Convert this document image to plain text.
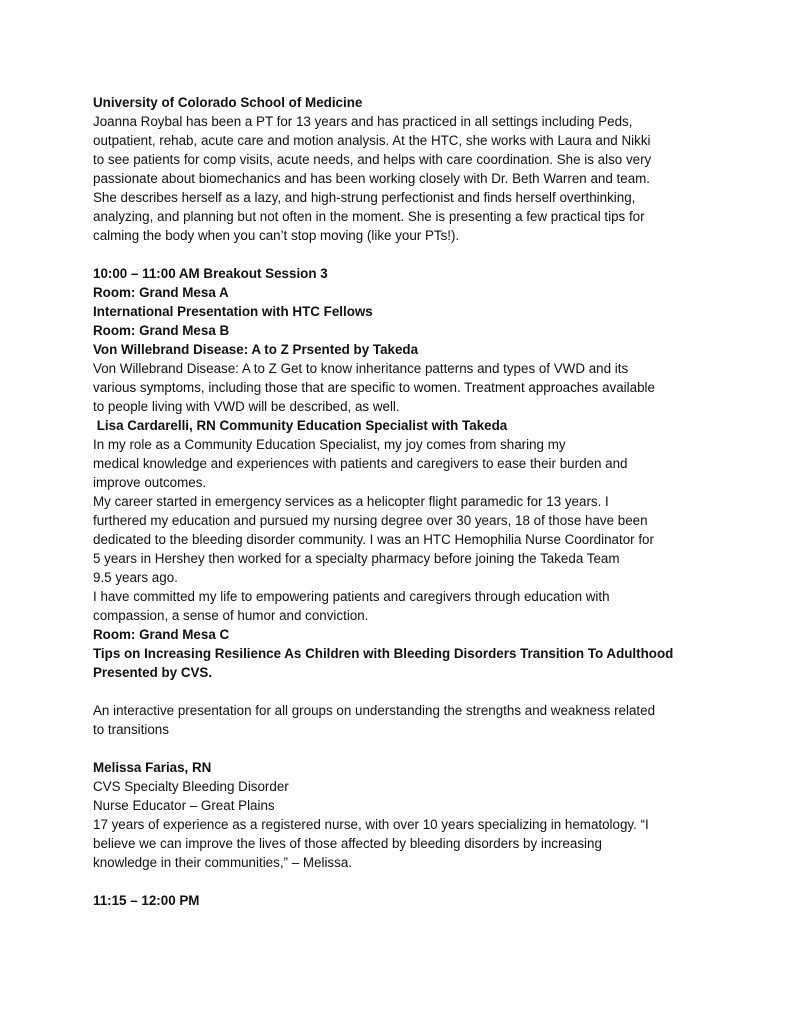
University of Colorado School of Medicine
Joanna Roybal has been a PT for 13 years and has practiced in all settings including Peds,
outpatient, rehab, acute care and motion analysis. At the HTC, she works with Laura and Nikki
to see patients for comp visits, acute needs, and helps with care coordination. She is also very
passionate about biomechanics and has been working closely with Dr. Beth Warren and team.
She describes herself as a lazy, and high-strung perfectionist and finds herself overthinking,
analyzing, and planning but not often in the moment. She is presenting a few practical tips for
calming the body when you can’t stop moving (like your PTs!).
10:00 – 11:00 AM Breakout Session 3
Room: Grand Mesa A
International Presentation with HTC Fellows
Room: Grand Mesa B
Von Willebrand Disease: A to Z Prsented by Takeda
Von Willebrand Disease: A to Z Get to know inheritance patterns and types of VWD and its
various symptoms, including those that are specific to women. Treatment approaches available
to people living with VWD will be described, as well.
Lisa Cardarelli, RN Community Education Specialist with Takeda
In my role as a Community Education Specialist, my joy comes from sharing my
medical knowledge and experiences with patients and caregivers to ease their burden and
improve outcomes.
My career started in emergency services as a helicopter flight paramedic for 13 years. I
furthered my education and pursued my nursing degree over 30 years, 18 of those have been
dedicated to the bleeding disorder community. I was an HTC Hemophilia Nurse Coordinator for
5 years in Hershey then worked for a specialty pharmacy before joining the Takeda Team
9.5 years ago.
I have committed my life to empowering patients and caregivers through education with
compassion, a sense of humor and conviction.
Room: Grand Mesa C
Tips on Increasing Resilience As Children with Bleeding Disorders Transition To Adulthood
Presented by CVS.
An interactive presentation for all groups on understanding the strengths and weakness related
to transitions
Melissa Farias, RN
CVS Specialty Bleeding Disorder
Nurse Educator – Great Plains
17 years of experience as a registered nurse, with over 10 years specializing in hematology. “I
believe we can improve the lives of those affected by bleeding disorders by increasing
knowledge in their communities,” – Melissa.
11:15 – 12:00 PM
